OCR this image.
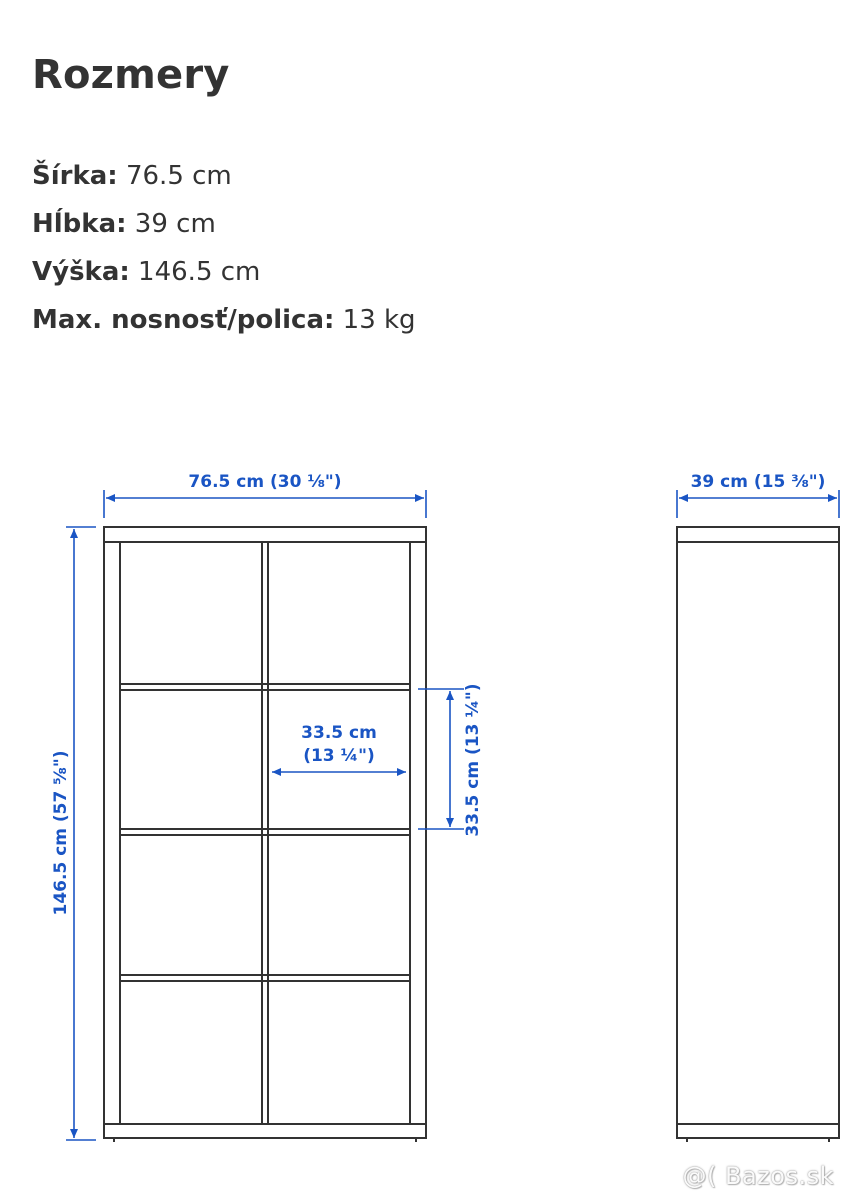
Rozmery
Šírka: 76.5 cm
Hĺbka: 39 cm
Výška: 146.5 cm
Max. nosnosť/polica: 13 kg
76.5 cm (30 ⅛")	39 cm (15 ⅜")
146.5 cm (57 ⅝")
33.5 cm
(13 ¼")	33.5 cm (13 ¼")
@( Bazos.sk
